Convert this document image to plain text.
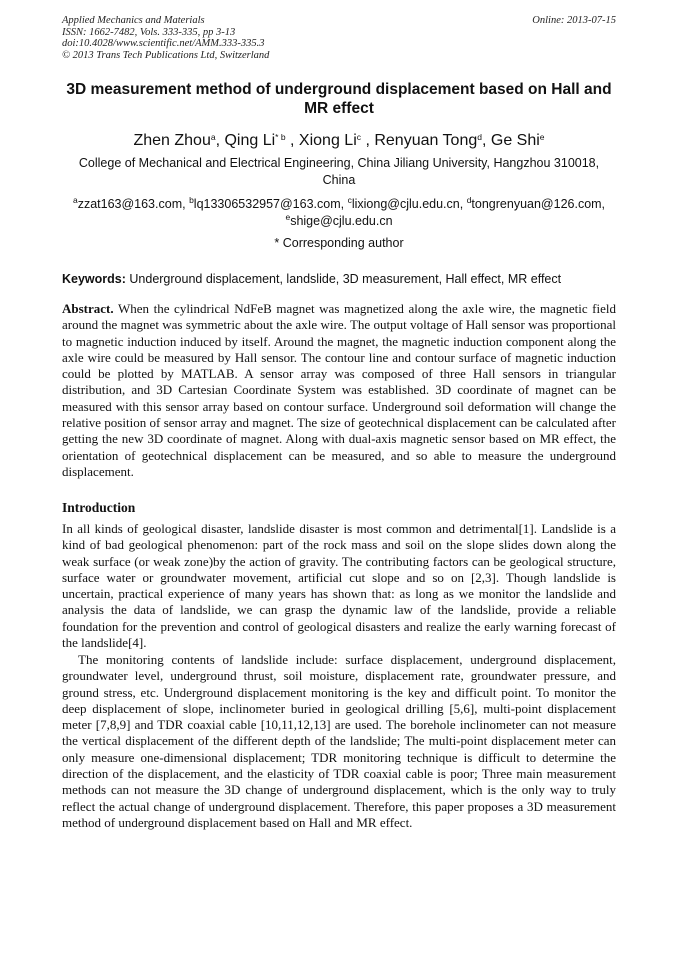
Applied Mechanics and Materials
ISSN: 1662-7482, Vols. 333-335, pp 3-13
doi:10.4028/www.scientific.net/AMM.333-335.3
© 2013 Trans Tech Publications Ltd, Switzerland
Online: 2013-07-15
3D measurement method of underground displacement based on Hall and MR effect
Zhen Zhou$^a$, Qing Li$^{* b}$ , Xiong Li$^c$ , Renyuan Tong$^d$, Ge Shi$^e$
College of Mechanical and Electrical Engineering, China Jiliang University, Hangzhou 310018, China
$^a$zzat163@163.com, $^b$lq13306532957@163.com, $^c$lixiong@cjlu.edu.cn, $^d$tongrenyuan@126.com,
$^e$shige@cjlu.edu.cn
* Corresponding author
Keywords: Underground displacement, landslide, 3D measurement, Hall effect, MR effect

Abstract. When the cylindrical NdFeB magnet was magnetized along the axle wire, the magnetic field around the magnet was symmetric about the axle wire. The output voltage of Hall sensor was proportional to magnetic induction induced by itself. Around the magnet, the magnetic induction component along the axle wire could be measured by Hall sensor. The contour line and contour surface of magnetic induction could be plotted by MATLAB. A sensor array was composed of three Hall sensors in triangular distribution, and 3D Cartesian Coordinate System was established. 3D coordinate of magnet can be measured with this sensor array based on contour surface. Underground soil deformation will change the relative position of sensor array and magnet. The size of geotechnical displacement can be calculated after getting the new 3D coordinate of magnet. Along with dual-axis magnetic sensor based on MR effect, the orientation of geotechnical displacement can be measured, and so able to measure the underground displacement.

Introduction

In all kinds of geological disaster, landslide disaster is most common and detrimental[1]. Landslide is a kind of bad geological phenomenon: part of the rock mass and soil on the slope slides down along the weak surface (or weak zone)by the action of gravity. The contributing factors can be geological structure, surface water or groundwater movement, artificial cut slope and so on [2,3]. Though landslide is uncertain, practical experience of many years has shown that: as long as we monitor the landslide and analysis the data of landslide, we can grasp the dynamic law of the landslide, provide a reliable foundation for the prevention and control of geological disasters and realize the early warning forecast of the landslide[4].

The monitoring contents of landslide include: surface displacement, underground displacement, groundwater level, underground thrust, soil moisture, displacement rate, groundwater pressure, and ground stress, etc. Underground displacement monitoring is the key and difficult point. To monitor the deep displacement of slope, inclinometer buried in geological drilling [5,6], multi-point displacement meter [7,8,9] and TDR coaxial cable [10,11,12,13] are used. The borehole inclinometer can not measure the vertical displacement of the different depth of the landslide; The multi-point displacement meter can only measure one-dimensional displacement; TDR monitoring technique is difficult to determine the direction of the displacement, and the elasticity of TDR coaxial cable is poor; Three main measurement methods can not measure the 3D change of underground displacement, which is the only way to truly reflect the actual change of underground displacement. Therefore, this paper proposes a 3D measurement method of underground displacement based on Hall and MR effect.
